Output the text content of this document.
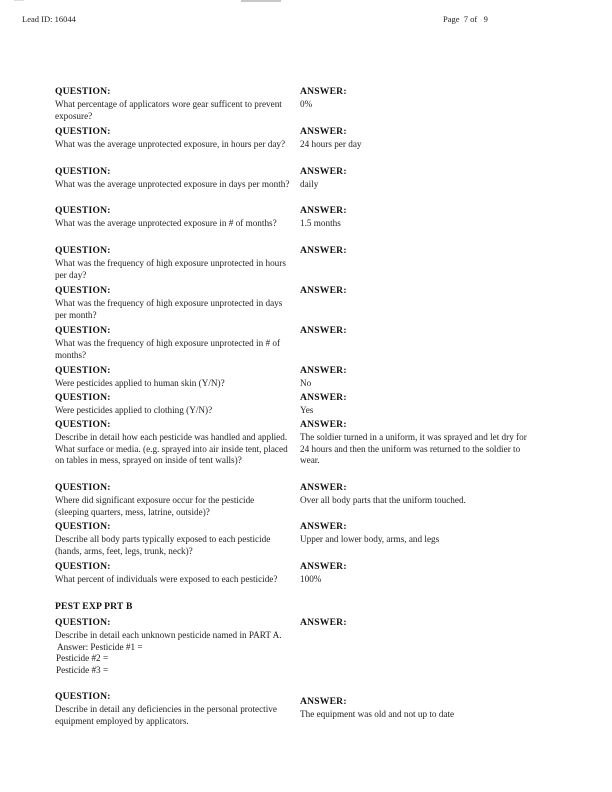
Lead ID: 16044	Page  7 of   9
QUESTION:
What percentage of applicators wore gear sufficent to prevent exposure?
ANSWER:
0%
QUESTION:
What was the average unprotected exposure, in hours per day?
ANSWER:
24 hours per day
QUESTION:
What was the average unprotected exposure in days per month?
ANSWER:
daily
QUESTION:
What was the average unprotected exposure in # of months?
ANSWER:
1.5 months
QUESTION:
What was the frequency of high exposure unprotected in hours per day?
ANSWER:
QUESTION:
What was the frequency of high exposure unprotected in days per month?
ANSWER:
QUESTION:
What was the frequency of high exposure unprotected in # of months?
ANSWER:
QUESTION:
Were pesticides applied to human skin (Y/N)?
ANSWER:
No
QUESTION:
Were pesticides applied to clothing (Y/N)?
ANSWER:
Yes
QUESTION:
Describe in detail how each pesticide was handled and applied. What surface or media. (e.g. sprayed into air inside tent, placed on tables in mess, sprayed on inside of tent walls)?
ANSWER:
The soldier turned in a uniform, it was sprayed and let dry for 24 hours and then the uniform was returned to the soldier to wear.
QUESTION:
Where did significant exposure occur for the pesticide (sleeping quarters, mess, latrine, outside)?
ANSWER:
Over all body parts that the uniform touched.
QUESTION:
Describe all body parts typically exposed to each pesticide (hands, arms, feet, legs, trunk, neck)?
ANSWER:
Upper and lower body, arms, and legs
QUESTION:
What percent of individuals were exposed to each pesticide?
ANSWER:
100%
PEST EXP PRT B
QUESTION:
Describe in detail each unknown pesticide named in PART A.
Answer: Pesticide #1 =
Pesticide #2 =
Pesticide #3 =
ANSWER:
QUESTION:
Describe in detail any deficiencies in the personal protective equipment employed by applicators.
ANSWER:
The equipment was old and not up to date
